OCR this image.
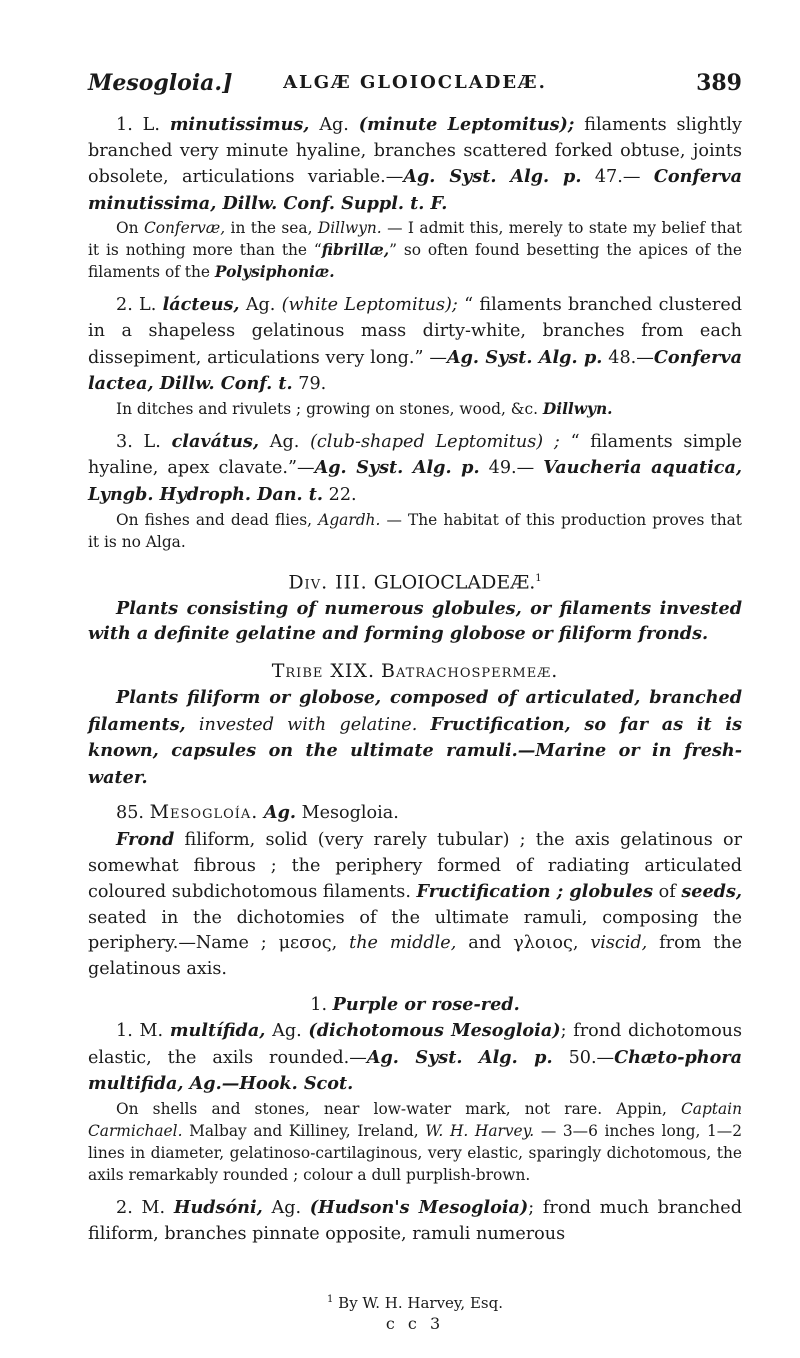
Mesogloia.]	ALGÆ GLOIOCLADEÆ.	389

1. L. minutissimus, Ag. (minute Leptomitus); filaments slightly branched very minute hyaline, branches scattered forked obtuse, joints obsolete, articulations variable.—Ag. Syst. Alg. p. 47.— Conferva minutissima, Dillw. Conf. Suppl. t. F.

On Confervæ, in the sea, Dillwyn. — I admit this, merely to state my belief that it is nothing more than the “fibrillæ,” so often found besetting the apices of the filaments of the Polysiphoniæ.

2. L. lácteus, Ag. (white Leptomitus); “ filaments branched clustered in a shapeless gelatinous mass dirty-white, branches from each dissepiment, articulations very long.” —Ag. Syst. Alg. p. 48.—Conferva lactea, Dillw. Conf. t. 79.

In ditches and rivulets ; growing on stones, wood, &c. Dillwyn.

3. L. clavátus, Ag. (club-shaped Leptomitus) ; “ filaments simple hyaline, apex clavate.”—Ag. Syst. Alg. p. 49.— Vaucheria aquatica, Lyngb. Hydroph. Dan. t. 22.

On fishes and dead flies, Agardh. — The habitat of this production proves that it is no Alga.

Div. III. GLOIOCLADEÆ.$^1$

Plants consisting of numerous globules, or filaments invested with a definite gelatine and forming globose or filiform fronds.

Tribe XIX. Batrachospermeæ.

Plants filiform or globose, composed of articulated, branched filaments, invested with gelatine. Fructification, so far as it is known, capsules on the ultimate ramuli.—Marine or in fresh-water.

85. Mesogloía. Ag. Mesogloia.

Frond filiform, solid (very rarely tubular) ; the axis gelatinous or somewhat fibrous ; the periphery formed of radiating articulated coloured subdichotomous filaments. Fructification ; globules of seeds, seated in the dichotomies of the ultimate ramuli, composing the periphery.—Name ; μεσος, the middle, and γλοιος, viscid, from the gelatinous axis.

1. Purple or rose-red.

1. M. multífida, Ag. (dichotomous Mesogloia); frond dichotomous elastic, the axils rounded.—Ag. Syst. Alg. p. 50.—Chæto-phora multifida, Ag.—Hook. Scot.

On shells and stones, near low-water mark, not rare. Appin, Captain Carmichael. Malbay and Killiney, Ireland, W. H. Harvey. — 3—6 inches long, 1—2 lines in diameter, gelatinoso-cartilaginous, very elastic, sparingly dichotomous, the axils remarkably rounded ; colour a dull purplish-brown.

2. M. Hudsóni, Ag. (Hudson's Mesogloia); frond much branched filiform, branches pinnate opposite, ramuli numerous

$^1$ By W. H. Harvey, Esq.
c c 3
